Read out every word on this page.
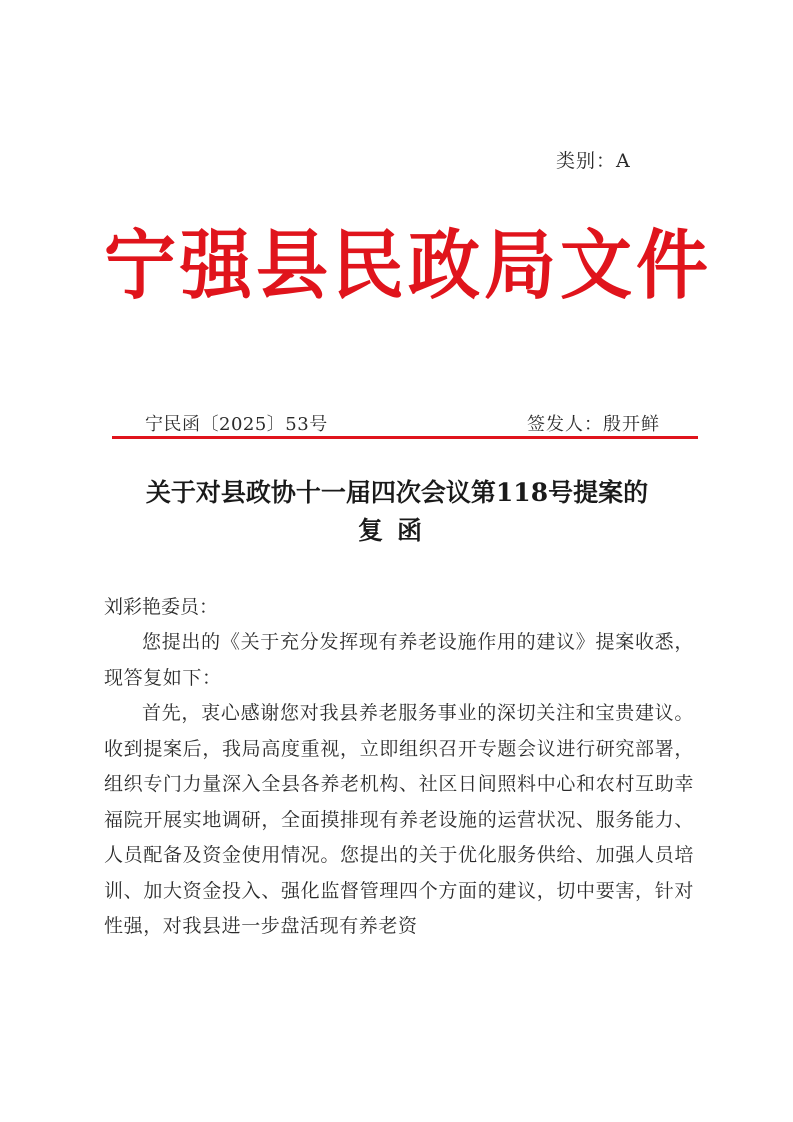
类别：A
宁强县民政局文件
宁民函〔2025〕53号	签发人：殷开鲜
关于对县政协十一届四次会议第118号提案的
复函
刘彩艳委员：

您提出的《关于充分发挥现有养老设施作用的建议》提案收悉，现答复如下：

首先，衷心感谢您对我县养老服务事业的深切关注和宝贵建议。收到提案后，我局高度重视，立即组织召开专题会议进行研究部署，组织专门力量深入全县各养老机构、社区日间照料中心和农村互助幸福院开展实地调研，全面摸排现有养老设施的运营状况、服务能力、人员配备及资金使用情况。您提出的关于优化服务供给、加强人员培训、加大资金投入、强化监督管理四个方面的建议，切中要害，针对性强，对我县进一步盘活现有养老资
